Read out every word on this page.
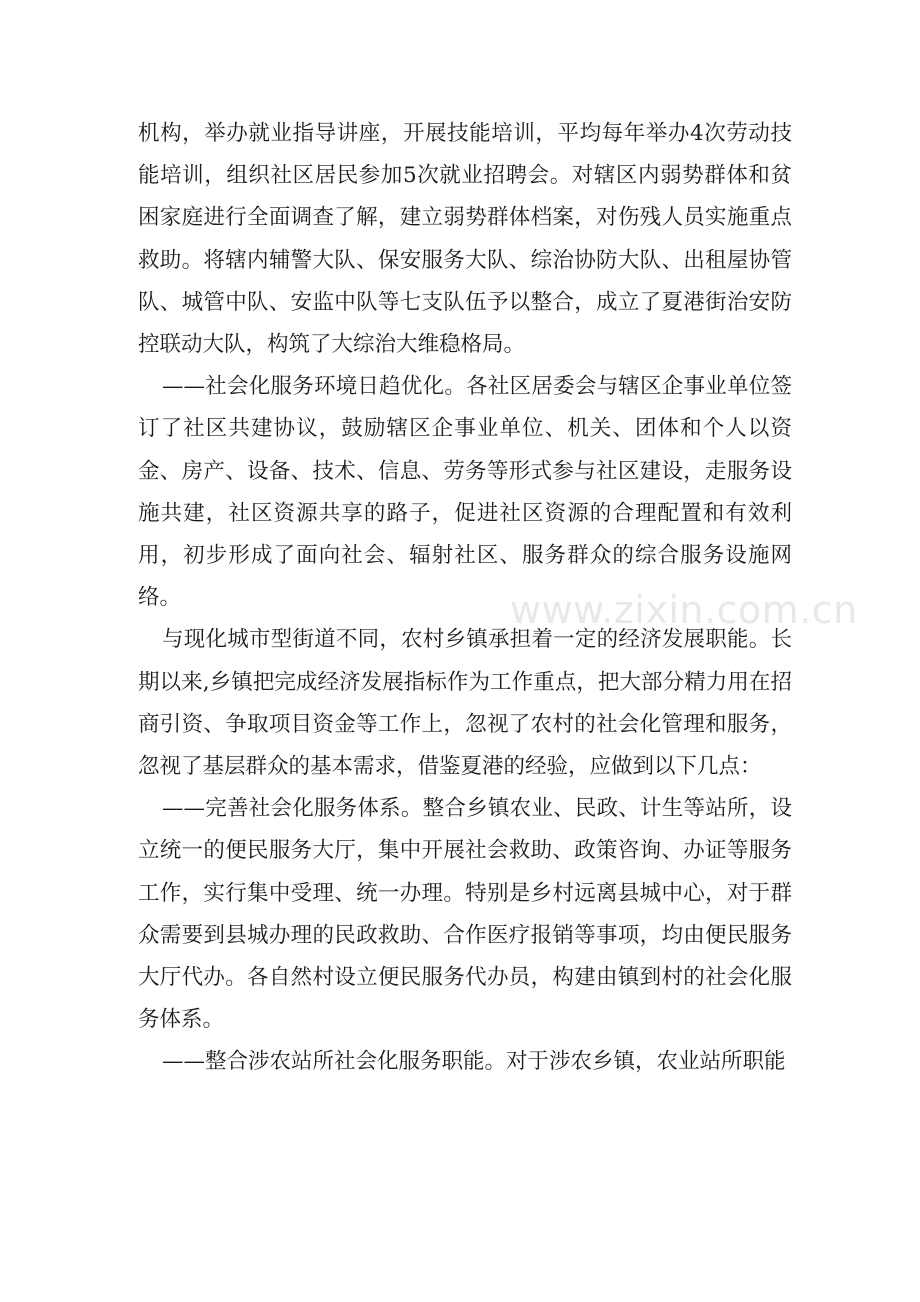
机构，举办就业指导讲座，开展技能培训，平均每年举办4次劳动技能培训，组织社区居民参加5次就业招聘会。对辖区内弱势群体和贫困家庭进行全面调查了解，建立弱势群体档案，对伤残人员实施重点救助。将辖内辅警大队、保安服务大队、综治协防大队、出租屋协管队、城管中队、安监中队等七支队伍予以整合，成立了夏港街治安防控联动大队，构筑了大综治大维稳格局。

——社会化服务环境日趋优化。各社区居委会与辖区企事业单位签订了社区共建协议，鼓励辖区企事业单位、机关、团体和个人以资金、房产、设备、技术、信息、劳务等形式参与社区建设，走服务设施共建，社区资源共享的路子，促进社区资源的合理配置和有效利用，初步形成了面向社会、辐射社区、服务群众的综合服务设施网络。

与现化城市型街道不同，农村乡镇承担着一定的经济发展职能。长期以来,乡镇把完成经济发展指标作为工作重点，把大部分精力用在招商引资、争取项目资金等工作上，忽视了农村的社会化管理和服务，忽视了基层群众的基本需求，借鉴夏港的经验，应做到以下几点：

——完善社会化服务体系。整合乡镇农业、民政、计生等站所，设立统一的便民服务大厅，集中开展社会救助、政策咨询、办证等服务工作，实行集中受理、统一办理。特别是乡村远离县城中心，对于群众需要到县城办理的民政救助、合作医疗报销等事项，均由便民服务大厅代办。各自然村设立便民服务代办员，构建由镇到村的社会化服务体系。

——整合涉农站所社会化服务职能。对于涉农乡镇，农业站所职能

www.zixin.com.cn
